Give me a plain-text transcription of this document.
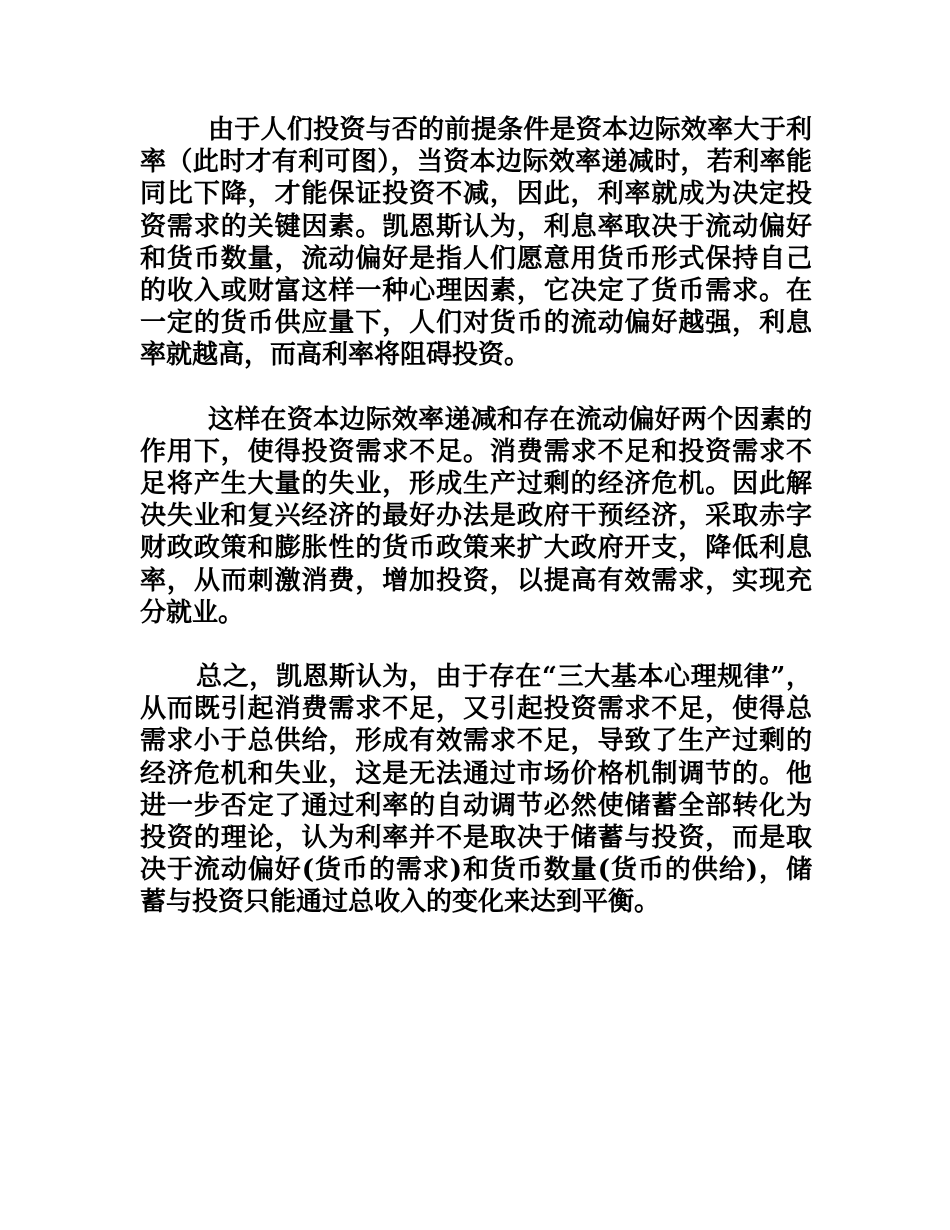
由于人们投资与否的前提条件是资本边际效率大于利率（此时才有利可图），当资本边际效率递减时，若利率能同比下降，才能保证投资不减，因此，利率就成为决定投资需求的关键因素。凯恩斯认为，利息率取决于流动偏好和货币数量，流动偏好是指人们愿意用货币形式保持自己的收入或财富这样一种心理因素，它决定了货币需求。在一定的货币供应量下，人们对货币的流动偏好越强，利息率就越高，而高利率将阻碍投资。

这样在资本边际效率递减和存在流动偏好两个因素的作用下，使得投资需求不足。消费需求不足和投资需求不足将产生大量的失业，形成生产过剩的经济危机。因此解决失业和复兴经济的最好办法是政府干预经济，采取赤字财政政策和膨胀性的货币政策来扩大政府开支，降低利息率，从而刺激消费，增加投资，以提高有效需求，实现充分就业。

总之，凯恩斯认为，由于存在“三大基本心理规律”，从而既引起消费需求不足，又引起投资需求不足，使得总需求小于总供给，形成有效需求不足，导致了生产过剩的经济危机和失业，这是无法通过市场价格机制调节的。他进一步否定了通过利率的自动调节必然使储蓄全部转化为投资的理论，认为利率并不是取决于储蓄与投资，而是取决于流动偏好(货币的需求)和货币数量(货币的供给)，储蓄与投资只能通过总收入的变化来达到平衡。
